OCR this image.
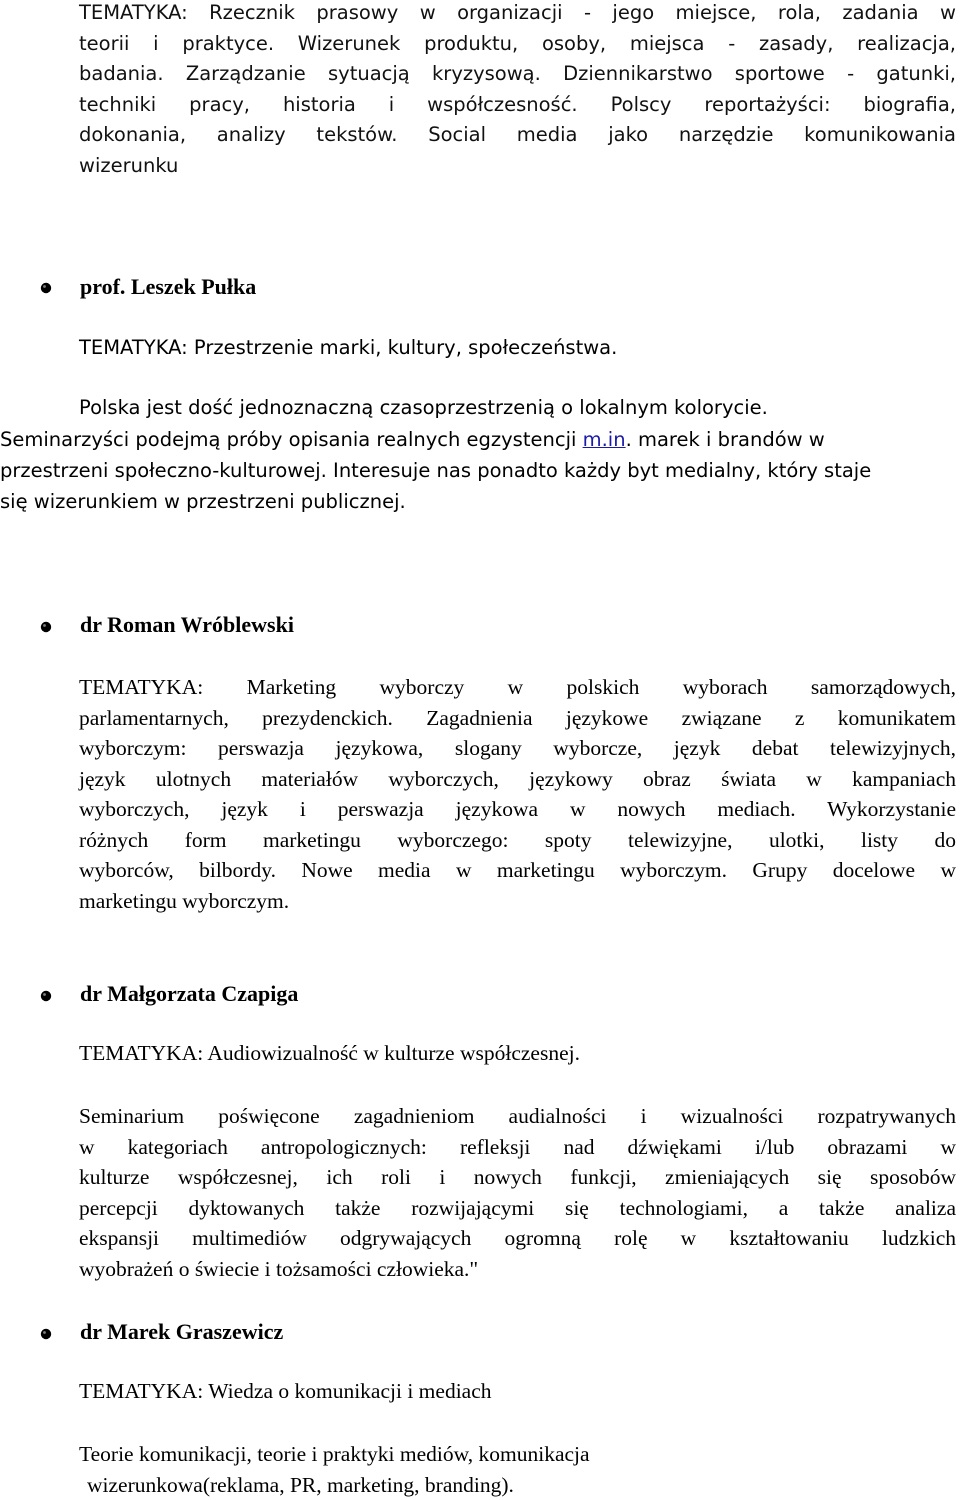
TEMATYKA: Rzecznik prasowy w organizacji - jego miejsce, rola, zadania w
teorii i praktyce. Wizerunek produktu, osoby, miejsca - zasady, realizacja,
badania. Zarządzanie sytuacją kryzysową. Dziennikarstwo sportowe - gatunki,
techniki pracy, historia i współczesność. Polscy reportażyści: biografia,
dokonania, analizy tekstów. Social media jako narzędzie komunikowania
wizerunku
prof. Leszek Pułka
TEMATYKA: Przestrzenie marki, kultury, społeczeństwa.
Polska jest dość jednoznaczną czasoprzestrzenią o lokalnym kolorycie.
Seminarzyści podejmą próby opisania realnych egzystencji m.in. marek i brandów w
przestrzeni społeczno-kulturowej. Interesuje nas ponadto każdy byt medialny, który staje
się wizerunkiem w przestrzeni publicznej.
dr Roman Wróblewski
TEMATYKA: Marketing wyborczy w polskich wyborach samorządowych,
parlamentarnych, prezydenckich. Zagadnienia językowe związane z komunikatem
wyborczym: perswazja językowa, slogany wyborcze, język debat telewizyjnych,
język ulotnych materiałów wyborczych, językowy obraz świata w kampaniach
wyborczych, język i perswazja językowa w nowych mediach. Wykorzystanie
różnych form marketingu wyborczego: spoty telewizyjne, ulotki, listy do
wyborców, bilbordy. Nowe media w marketingu wyborczym. Grupy docelowe w
marketingu wyborczym.
dr Małgorzata Czapiga
TEMATYKA: Audiowizualność w kulturze współczesnej.
Seminarium poświęcone zagadnieniom audialności i wizualności rozpatrywanych
w kategoriach antropologicznych: refleksji nad dźwiękami i/lub obrazami w
kulturze współczesnej, ich roli i nowych funkcji, zmieniających się sposobów
percepcji dyktowanych także rozwijającymi się technologiami, a także analiza
ekspansji multimediów odgrywających ogromną rolę w kształtowaniu ludzkich
wyobrażeń o świecie i tożsamości człowieka."
dr Marek Graszewicz
TEMATYKA: Wiedza o komunikacji i mediach
Teorie komunikacji, teorie i praktyki mediów, komunikacja
wizerunkowa(reklama, PR, marketing, branding).
